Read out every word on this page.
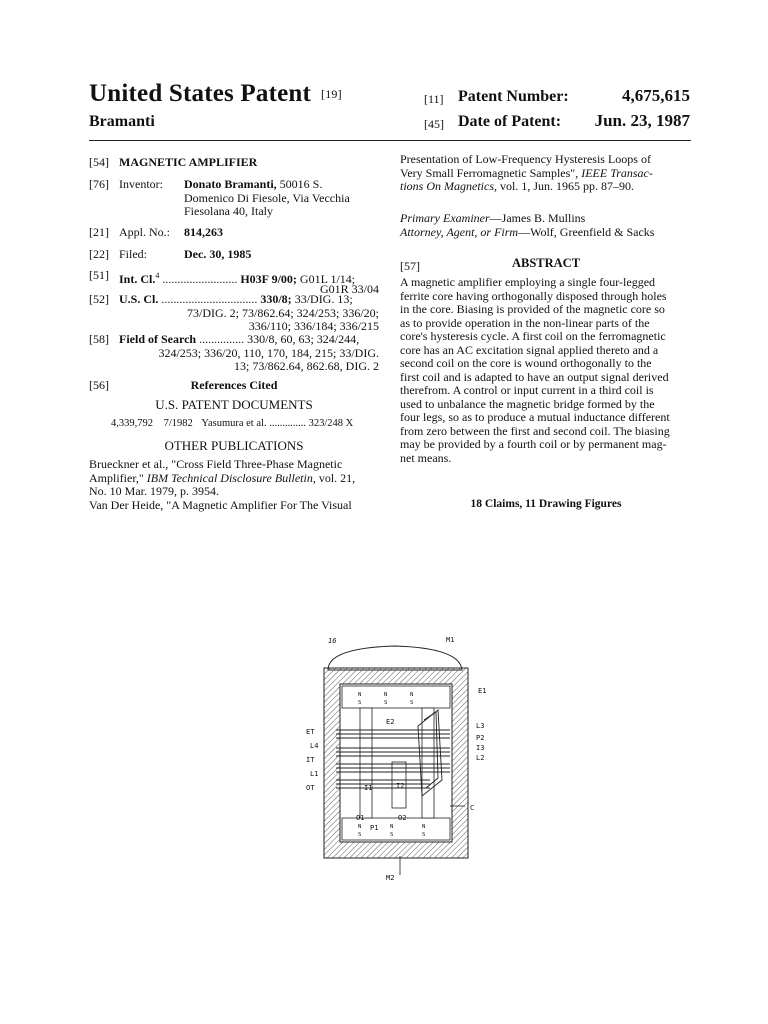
United States Patent [19]
Bramanti
[11] Patent Number:	4,675,615
[45] Date of Patent:	Jun. 23, 1987
[54] MAGNETIC AMPLIFIER
[76] Inventor: Donato Bramanti, 50016 S.
Domenico Di Fiesole, Via Vecchia
Fiesolana 40, Italy
[21] Appl. No.: 814,263
[22] Filed:	Dec. 30, 1985
[51] Int. Cl.$^4$ ......................... H03F 9/00; G01L 1/14;
G01R 33/04
[52] U.S. Cl. ................................ 330/8; 33/DIG. 13;
73/DIG. 2; 73/862.64; 324/253; 336/20;
336/110; 336/184; 336/215
[58] Field of Search ............... 330/8, 60, 63; 324/244,
324/253; 336/20, 110, 170, 184, 215; 33/DIG.
13; 73/862.64, 862.68, DIG. 2
[56]	References Cited
U.S. PATENT DOCUMENTS
4,339,792 7/1982 Yasumura et al. .............. 323/248 X
OTHER PUBLICATIONS
Brueckner et al., "Cross Field Three-Phase Magnetic
Amplifier," IBM Technical Disclosure Bulletin, vol. 21,
No. 10 Mar. 1979, p. 3954.
Van Der Heide, "A Magnetic Amplifier For The Visual
Presentation of Low-Frequency Hysteresis Loops of
Very Small Ferromagnetic Samples", IEEE Transac-
tions On Magnetics, vol. 1, Jun. 1965 pp. 87–90.
Primary Examiner—James B. Mullins
Attorney, Agent, or Firm—Wolf, Greenfield & Sacks
[57]	ABSTRACT
A magnetic amplifier employing a single four-legged
ferrite core having orthogonally disposed through holes
in the core. Biasing is provided of the magnetic core so
as to provide operation in the non-linear parts of the
core's hysteresis cycle. A first coil on the ferromagnetic
core has an AC excitation signal applied thereto and a
second coil on the core is wound orthogonally to the
first coil and is adapted to have an output signal derived
therefrom. A control or input current in a third coil is
used to unbalance the magnetic bridge formed by the
four legs, so as to produce a mutual inductance different
from zero between the first and second coil. The biasing
may be provided by a fourth coil or by permanent mag-
net means.
18 Claims, 11 Drawing Figures
16	M1
E1
E2	L3
P2
I3
L2
ET
L4
IT
L1
OT	I1	I2
O1	O2
P1
C
M2
N
S
N
S
N
S
N
S
N
S
N
S
